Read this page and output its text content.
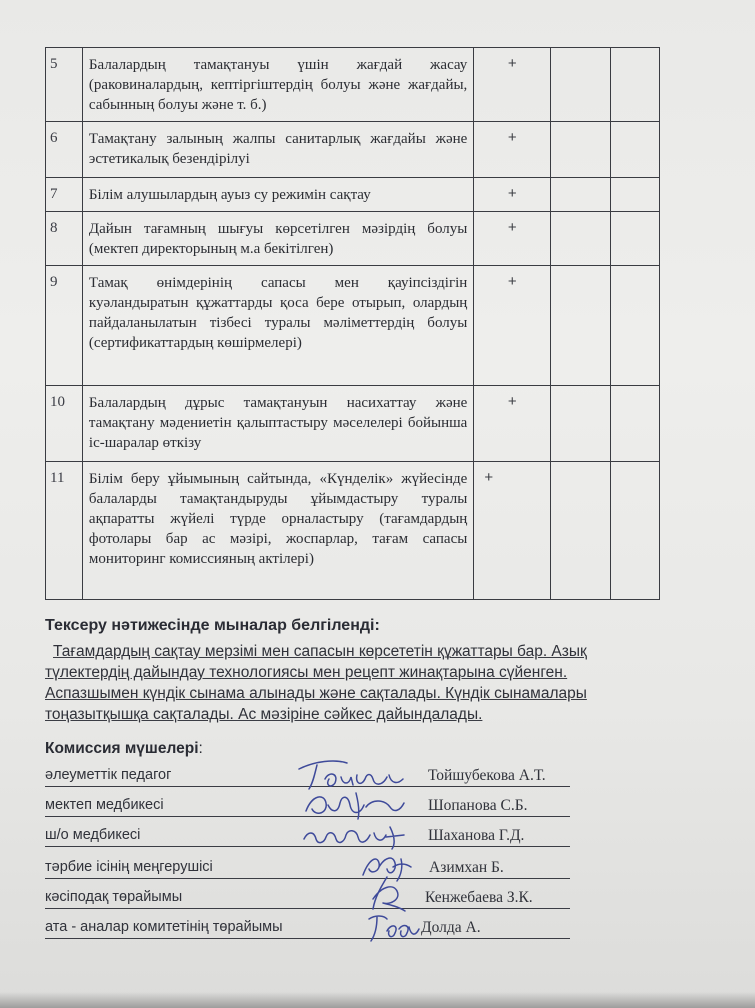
5	Балалардың тамақтануы үшін жағдай жасау (раковиналардың, кептіргіштердің болуы және жағдайы, сабынның болуы және т. б.)	+		
6	Тамақтану залының жалпы санитарлық жағдайы және эстетикалық безендірілуі	+		
7	Білім алушылардың ауыз су режимін сақтау	+		
8	Дайын тағамның шығуы көрсетілген мәзірдің болуы (мектеп директорының м.а бекітілген)	+		
9	Тамақ өнімдерінің сапасы мен қауіпсіздігін куәландыратын құжаттарды қоса бере отырып, олардың пайдаланылатын тізбесі туралы мәліметтердің болуы (сертификаттардың көшірмелері)	+		
10	Балалардың дұрыс тамақтануын насихаттау және тамақтану мәдениетін қалыптастыру мәселелері бойынша іс-шаралар өткізу	+		
11	Білім беру ұйымының сайтында, «Күнделік» жүйесінде балаларды тамақтандыруды ұйымдастыру туралы ақпаратты жүйелі түрде орналастыру (тағамдардың фотолары бар ас мәзірі, жоспарлар, тағам сапасы мониторинг комиссияның актілері)	+		
Тексеру нәтижесінде мыналар белгіленді:
Тағамдардың сақтау мерзімі мен сапасын көрсететін құжаттары бар. Азық
түлектердің дайындау технологиясы мен рецепт жинақтарына сүйенген.
Аспазшымен күндік сынама алынады және сақталады. Күндік сынамалары
тоңазытқышқа сақталады. Ас мәзіріне сәйкес дайындалады.
Комиссия мүшелері:
әлеуметтік педагог	Тойшубекова А.Т.
мектеп медбикесі	Шопанова С.Б.
ш/о медбикесі	Шаханова Г.Д.
тәрбие ісінің меңгерушісі	Азимхан Б.
кәсіподақ төрайымы	Кенжебаева З.К.
ата - аналар комитетінің төрайымы	Долда А.
